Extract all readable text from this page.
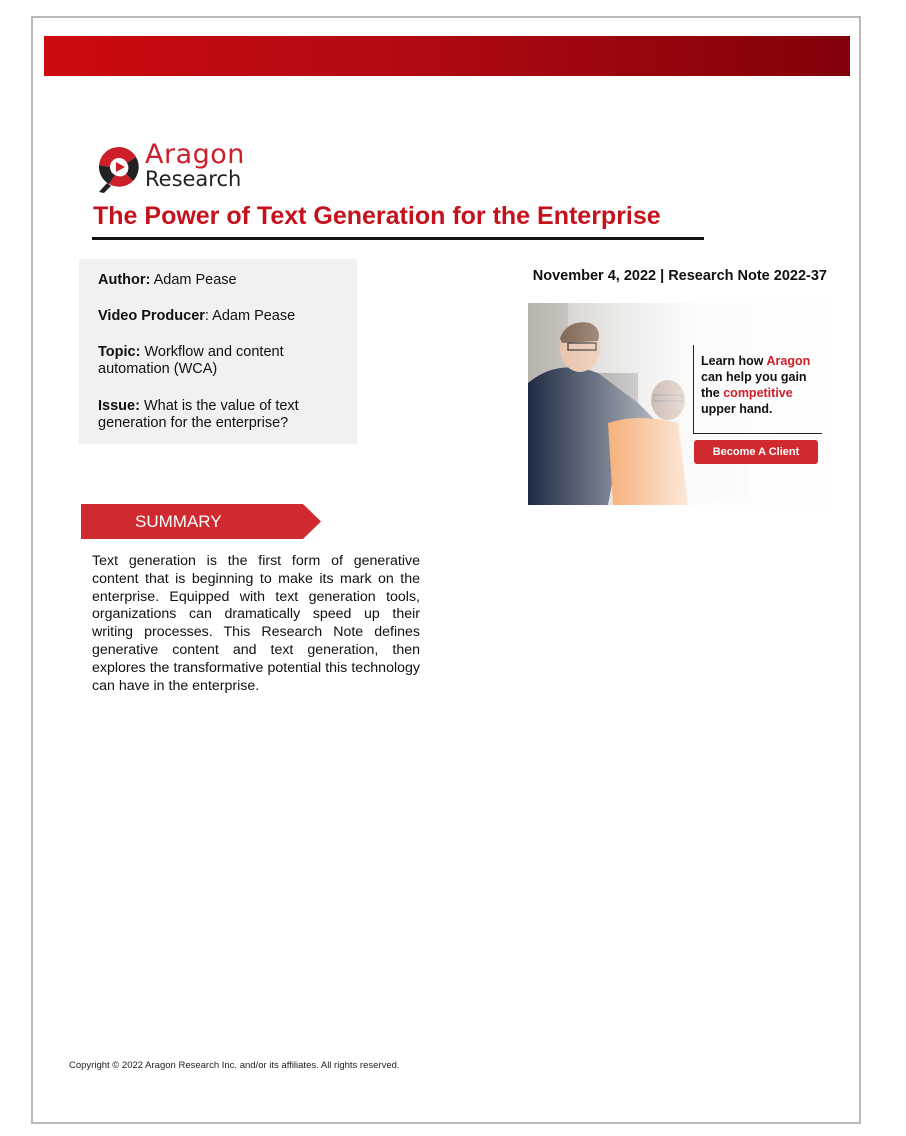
Aragon
Research
The Power of Text Generation for the Enterprise
Author: Adam Pease
Video Producer: Adam Pease
Topic: Workflow and content automation (WCA)
Issue: What is the value of text generation for the enterprise?
November 4, 2022 | Research Note 2022-37
Learn how Aragon
can help you gain
the competitive
upper hand.
Become A Client
SUMMARY
Text generation is the first form of generative content that is beginning to make its mark on the enterprise. Equipped with text generation tools, organizations can dramatically speed up their writing processes. This Research Note defines generative content and text generation, then explores the transformative potential this technology can have in the enterprise.
Copyright © 2022 Aragon Research Inc. and/or its affiliates. All rights reserved.
